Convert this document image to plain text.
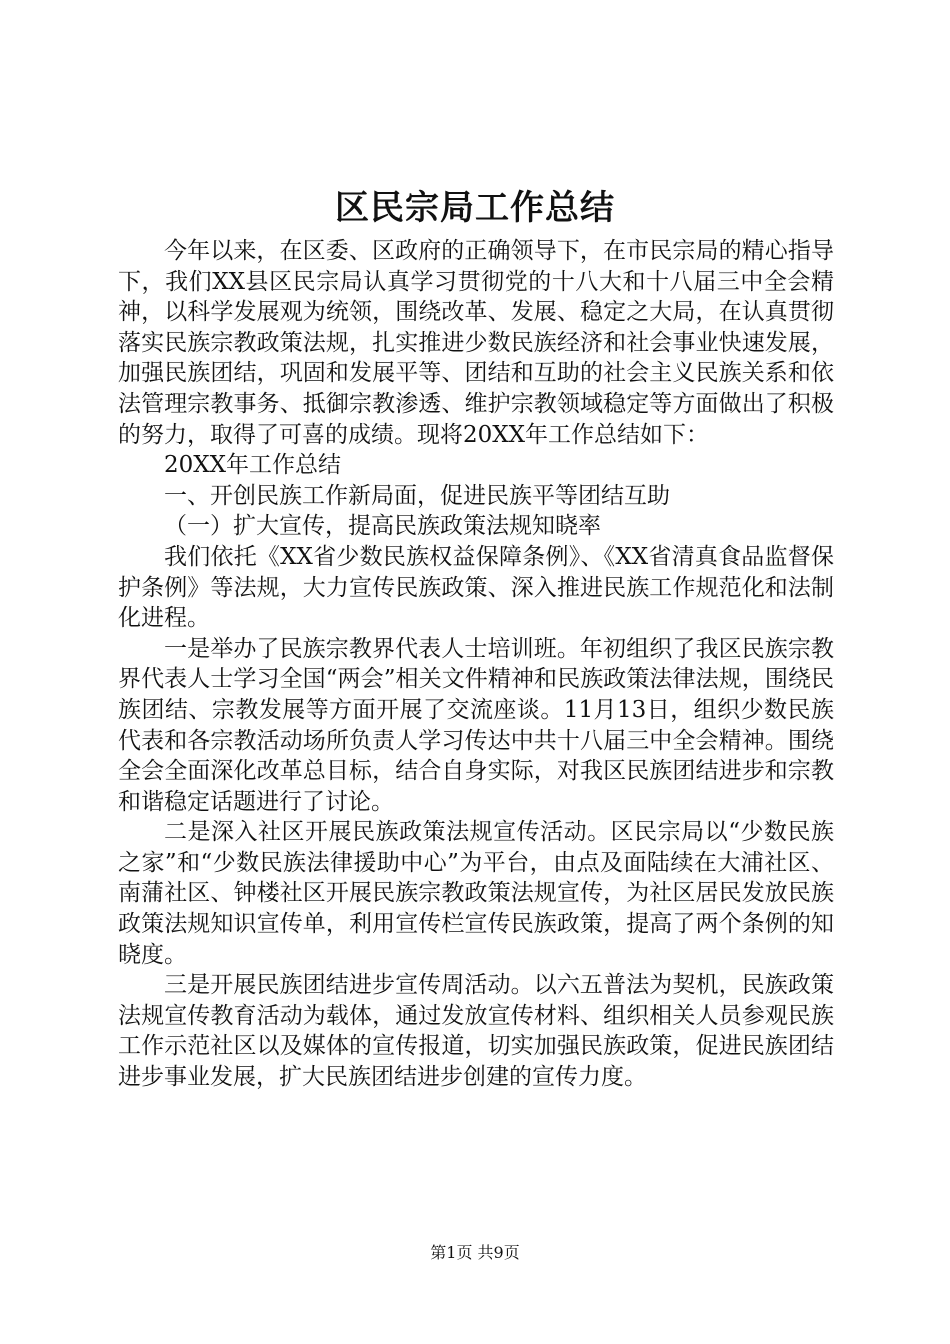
区民宗局工作总结

今年以来，在区委、区政府的正确领导下，在市民宗局的精心指导下，我们XX县区民宗局认真学习贯彻党的十八大和十八届三中全会精神，以科学发展观为统领，围绕改革、发展、稳定之大局，在认真贯彻落实民族宗教政策法规，扎实推进少数民族经济和社会事业快速发展，加强民族团结，巩固和发展平等、团结和互助的社会主义民族关系和依法管理宗教事务、抵御宗教渗透、维护宗教领域稳定等方面做出了积极的努力，取得了可喜的成绩。现将20XX年工作总结如下：

20XX年工作总结

一、开创民族工作新局面，促进民族平等团结互助

（一）扩大宣传，提高民族政策法规知晓率

我们依托《XX省少数民族权益保障条例》、《XX省清真食品监督保护条例》等法规，大力宣传民族政策、深入推进民族工作规范化和法制化进程。

一是举办了民族宗教界代表人士培训班。年初组织了我区民族宗教界代表人士学习全国“两会”相关文件精神和民族政策法律法规，围绕民族团结、宗教发展等方面开展了交流座谈。11月13日，组织少数民族代表和各宗教活动场所负责人学习传达中共十八届三中全会精神。围绕全会全面深化改革总目标，结合自身实际，对我区民族团结进步和宗教和谐稳定话题进行了讨论。

二是深入社区开展民族政策法规宣传活动。区民宗局以“少数民族之家”和“少数民族法律援助中心”为平台，由点及面陆续在大浦社区、南蒲社区、钟楼社区开展民族宗教政策法规宣传，为社区居民发放民族政策法规知识宣传单，利用宣传栏宣传民族政策，提高了两个条例的知晓度。

三是开展民族团结进步宣传周活动。以六五普法为契机，民族政策法规宣传教育活动为载体，通过发放宣传材料、组织相关人员参观民族工作示范社区以及媒体的宣传报道，切实加强民族政策，促进民族团结进步事业发展，扩大民族团结进步创建的宣传力度。

第1页 共9页
